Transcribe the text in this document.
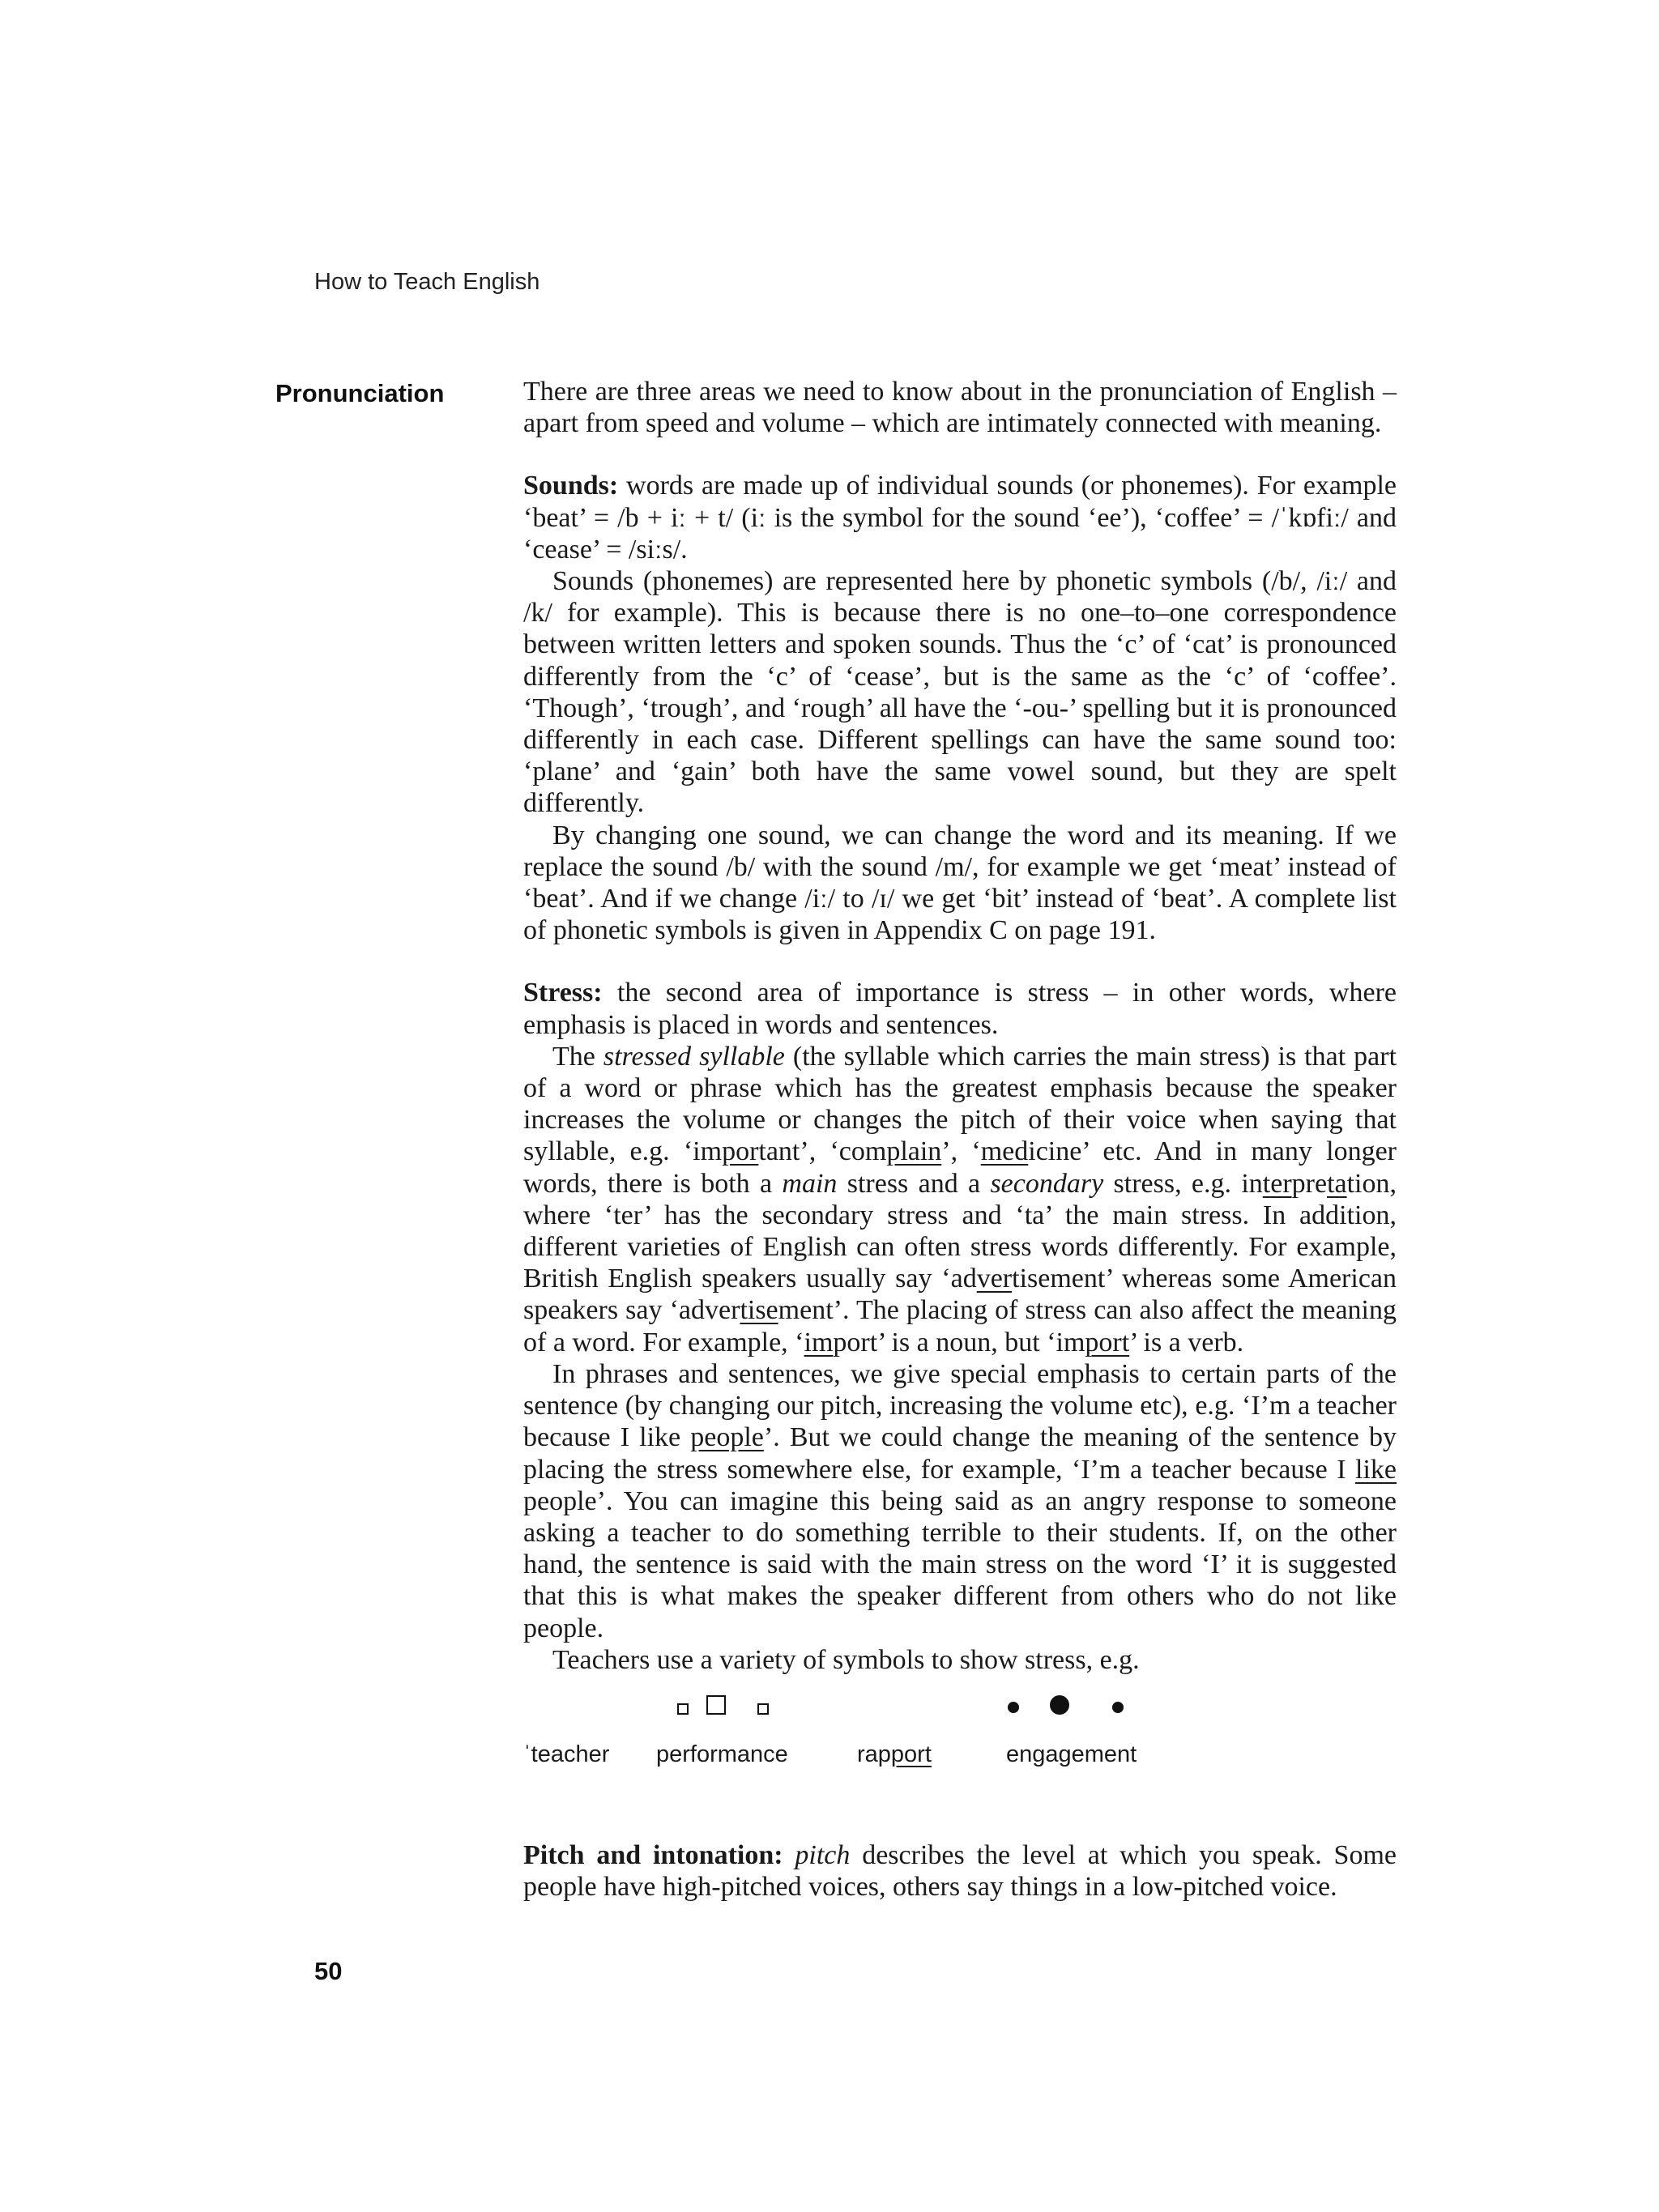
How to Teach English
Pronunciation
50

There are three areas we need to know about in the pronunciation of English – apart from speed and volume – which are intimately connected with meaning.

Sounds: words are made up of individual sounds (or phonemes). For example ‘beat’ = /b + iː + t/ (iː is the symbol for the sound ‘ee’), ‘coffee’ = /ˈkɒfiː/ and ‘cease’ = /siːs/.

Sounds (phonemes) are represented here by phonetic symbols (/b/, /iː/ and /k/ for example). This is because there is no one–to–one correspondence between written letters and spoken sounds. Thus the ‘c’ of ‘cat’ is pronounced differently from the ‘c’ of ‘cease’, but is the same as the ‘c’ of ‘coffee’. ‘Though’, ‘trough’, and ‘rough’ all have the ‘-ou-’ spelling but it is pronounced differently in each case. Different spellings can have the same sound too: ‘plane’ and ‘gain’ both have the same vowel sound, but they are spelt differently.

By changing one sound, we can change the word and its meaning. If we replace the sound /b/ with the sound /m/, for example we get ‘meat’ instead of ‘beat’. And if we change /iː/ to /ɪ/ we get ‘bit’ instead of ‘beat’. A complete list of phonetic symbols is given in Appendix C on page 191.

Stress: the second area of importance is stress – in other words, where emphasis is placed in words and sentences.

The stressed syllable (the syllable which carries the main stress) is that part of a word or phrase which has the greatest emphasis because the speaker increases the volume or changes the pitch of their voice when saying that syllable, e.g. ‘important’, ‘complain’, ‘medicine’ etc. And in many longer words, there is both a main stress and a secondary stress, e.g. interpretation, where ‘ter’ has the secondary stress and ‘ta’ the main stress. In addition, different varieties of English can often stress words differently. For example, British English speakers usually say ‘advertisement’ whereas some American speakers say ‘advertisement’. The placing of stress can also affect the meaning of a word. For example, ‘import’ is a noun, but ‘import’ is a verb.

In phrases and sentences, we give special emphasis to certain parts of the sentence (by changing our pitch, increasing the volume etc), e.g. ‘I’m a teacher because I like people’. But we could change the meaning of the sentence by placing the stress somewhere else, for example, ‘I’m a teacher because I like people’. You can imagine this being said as an angry response to someone asking a teacher to do something terrible to their students. If, on the other hand, the sentence is said with the main stress on the word ‘I’ it is suggested that this is what makes the speaker different from others who do not like people.

Teachers use a variety of symbols to show stress, e.g.

ˈteacher performance	rapport	engagement

Pitch and intonation: pitch describes the level at which you speak. Some people have high-pitched voices, others say things in a low-pitched voice.
